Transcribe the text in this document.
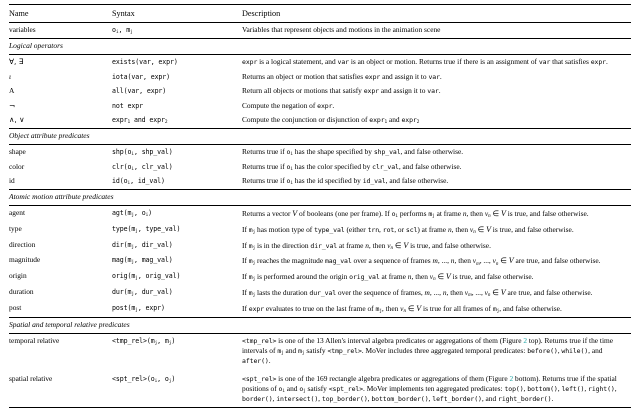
Name	Syntax	Description

variables	$o_i$, $m_j$	Variables that represent objects and motions in the animation scene

Logical operators		

∀, ∃	exists(var, expr)	expr is a logical statement, and var is an object or motion. Returns true if there is an assignment of var that satisfies expr.
ι	iota(var, expr)	Returns an object or motion that satisfies expr and assign it to var.
A	all(var, expr)	Return all objects or motions that satisfy expr and assign it to var.
¬	not expr	Compute the negation of expr.
∧, ∨	expr$_1$ and expr$_2$	Compute the conjunction or disjunction of expr$_1$ and expr$_2$

Object attribute predicates		

shape	$shp(o_i$, shp_val)	Returns true if $o_i$ has the shape specified by shp_val, and false otherwise.
color	$clr(o_i$, clr_val)	Returns true if $o_i$ has the color specified by clr_val, and false otherwise.
id	$id(o_i$, id_val)	Returns true if $o_i$ has the id specified by id_val, and false otherwise.

Atomic motion attribute predicates		

agent	$agt(m_j$, $o_i$)	Returns a vector V of booleans (one per frame). If $o_i$ performs $m_j$ at frame n, then $v_n$ ∈ V is true, and false otherwise.
type	$type(m_j$, type_val)	If $m_j$ has motion type of type_val (either trn, rot, or scl) at frame n, then $v_n$ ∈ V is true, and false otherwise.
direction	$dir(m_j$, dir_val)	If $m_j$ is in the direction dir_val at frame n, then $v_n$ ∈ V is true, and false otherwise.
magnitude	$mag(m_j$, mag_val)	If $m_j$ reaches the magnitude mag_val over a sequence of frames m, ..., n, then $v_m$, ..., $v_n$ ∈ V are true, and false otherwise.
origin	$orig(m_j$, orig_val)	If $m_j$ is performed around the origin orig_val at frame n, then $v_n$ ∈ V is true, and false otherwise.
duration	$dur(m_j$, dur_val)	If $m_j$ lasts the duration dur_val over the sequence of frames, m, ..., n, then $v_m$, ..., $v_n$ ∈ V are true, and false otherwise.
post	$post(m_j$, expr)	If expr evaluates to true on the last frame of $m_j$, then $v_n$ ∈ V is true for all frames of $m_j$, and false otherwise.

Spatial and temporal relative predicates		

temporal relative	$<tmp\_rel>(m_j$, $m_j$)	<tmp_rel> is one of the 13 Allen's interval algebra predicates or aggregations of them (Figure 2 top). Returns true if the time intervals of $m_j$ and $m_j$ satisfy <tmp_rel>. MoVer includes three aggregated temporal predicates: before(), while(), and after().

spatial relative	$<spt\_rel>(o_i$, $o_j$)	<spt_rel> is one of the 169 rectangle algebra predicates or aggregations of them (Figure 2 bottom). Returns true if the spatial positions of $o_i$ and $o_j$ satisfy <spt_rel>. MoVer implements ten aggregated predicates: top(), bottom(), left(), right(), border(), intersect(), top_border(), bottom_border(), left_border(), and right_border().
